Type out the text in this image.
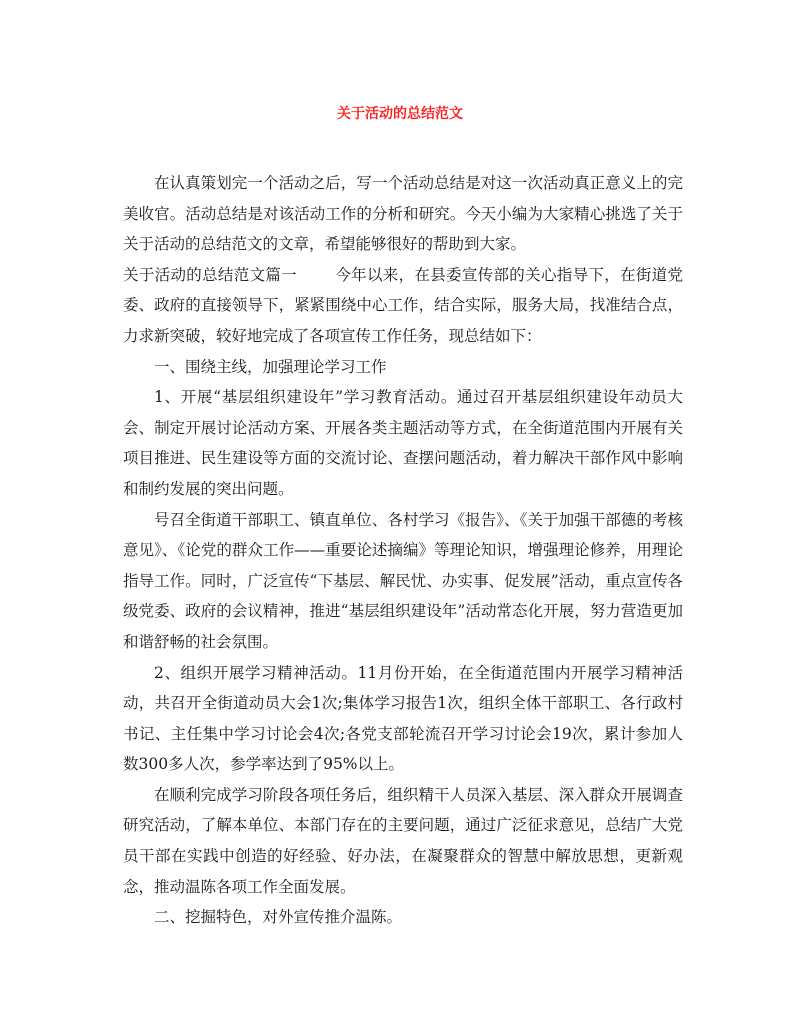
关于活动的总结范文

在认真策划完一个活动之后，写一个活动总结是对这一次活动真正意义上的完美收官。活动总结是对该活动工作的分析和研究。今天小编为大家精心挑选了关于关于活动的总结范文的文章，希望能够很好的帮助到大家。

关于活动的总结范文篇一 今年以来，在县委宣传部的关心指导下，在街道党委、政府的直接领导下，紧紧围绕中心工作，结合实际，服务大局，找准结合点，力求新突破，较好地完成了各项宣传工作任务，现总结如下：

一、围绕主线，加强理论学习工作

1、开展“基层组织建设年”学习教育活动。通过召开基层组织建设年动员大会、制定开展讨论活动方案、开展各类主题活动等方式，在全街道范围内开展有关项目推进、民生建设等方面的交流讨论、查摆问题活动，着力解决干部作风中影响和制约发展的突出问题。

号召全街道干部职工、镇直单位、各村学习《报告》、《关于加强干部德的考核意见》、《论党的群众工作——重要论述摘编》等理论知识，增强理论修养，用理论指导工作。同时，广泛宣传“下基层、解民忧、办实事、促发展”活动，重点宣传各级党委、政府的会议精神，推进“基层组织建设年”活动常态化开展，努力营造更加和谐舒畅的社会氛围。

2、组织开展学习精神活动。11月份开始，在全街道范围内开展学习精神活动，共召开全街道动员大会1次;集体学习报告1次，组织全体干部职工、各行政村书记、主任集中学习讨论会4次;各党支部轮流召开学习讨论会19次，累计参加人数300多人次，参学率达到了95%以上。

在顺利完成学习阶段各项任务后，组织精干人员深入基层、深入群众开展调查研究活动，了解本单位、本部门存在的主要问题，通过广泛征求意见，总结广大党员干部在实践中创造的好经验、好办法，在凝聚群众的智慧中解放思想，更新观念，推动温陈各项工作全面发展。

二、挖掘特色，对外宣传推介温陈。
